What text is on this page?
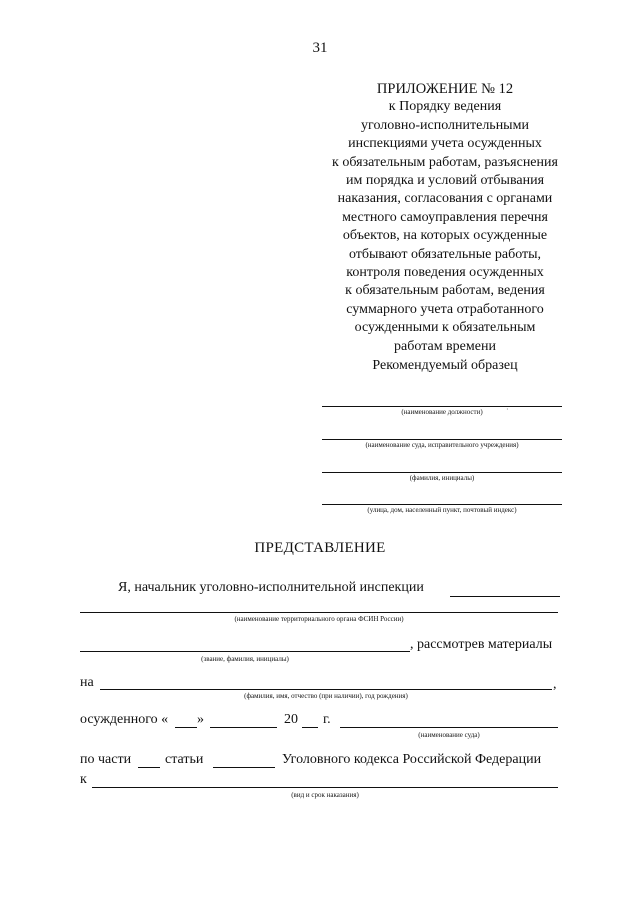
31
ПРИЛОЖЕНИЕ № 12
к Порядку ведения
уголовно-исполнительными
инспекциями учета осужденных
к обязательным работам, разъяснения
им порядка и условий отбывания
наказания, согласования с органами
местного самоуправления перечня
объектов, на которых осужденные
отбывают обязательные работы,
контроля поведения осужденных
к обязательным работам, ведения
суммарного учета отработанного
осужденными к обязательным
работам времени
Рекомендуемый образец
(наименование должности)	·
(наименование суда, исправительного учреждения)
(фамилия, инициалы)
(улица, дом, населенный пункт, почтовый индекс)
ПРЕДСТАВЛЕНИЕ
Я, начальник уголовно-исполнительной инспекции
(наименование территориального органа ФСИН России)
, рассмотрев материалы
(звание, фамилия, инициалы)
на	,
(фамилия, имя, отчество (при наличии), год рождения)
осужденного « »	20 г.
(наименование суда)
по части статьи	Уголовного кодекса Российской Федерации
к
(вид и срок наказания)
